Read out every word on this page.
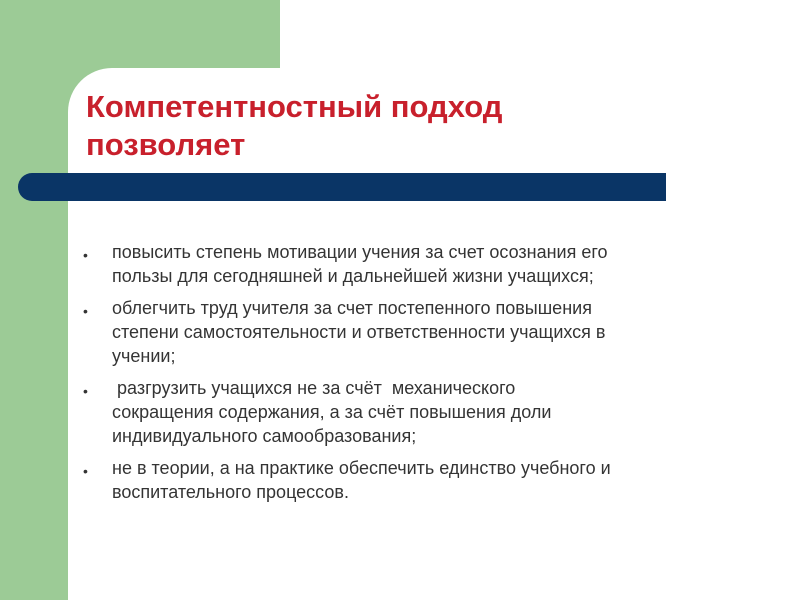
Компетентностный подход
позволяет
• повысить степень мотивации учения за счет осознания его
пользы для сегодняшней и дальнейшей жизни учащихся;
• облегчить труд учителя за счет постепенного повышения
степени самостоятельности и ответственности учащихся в
учении;
• разгрузить учащихся не за счёт  механического
сокращения содержания, а за счёт повышения доли
индивидуального самообразования;
• не в теории, а на практике обеспечить единство учебного и
воспитательного процессов.
